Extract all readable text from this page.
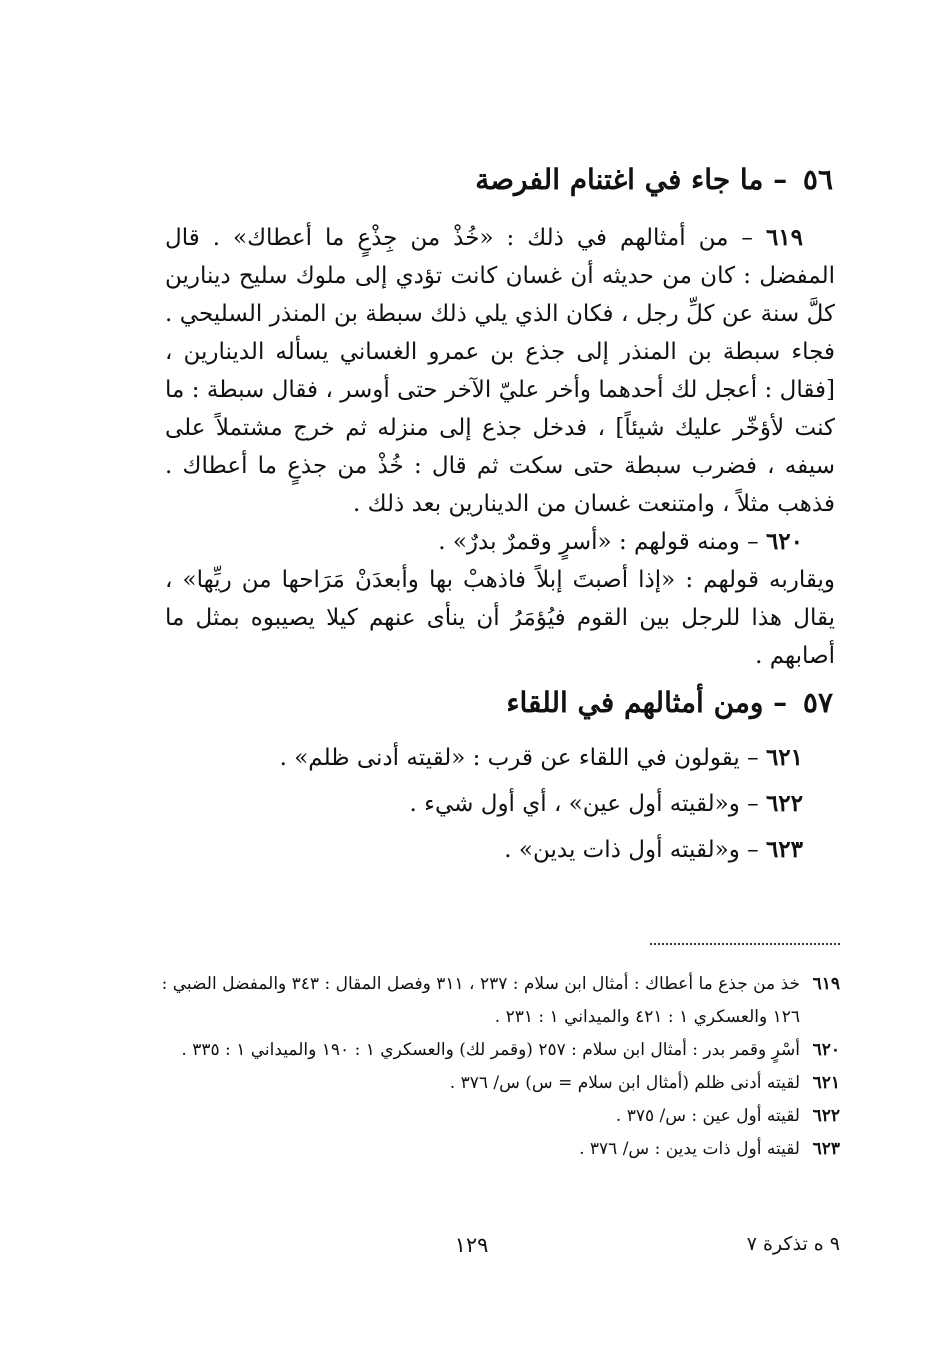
٥٦ – ما جاء في اغتنام الفرصة

٦١٩ – من أمثالهم في ذلك : «خُذْ من جِذْعٍ ما أعطاك» . قال المفضل : كان من حديثه أن غسان كانت تؤدي إلى ملوك سليح دينارين كلَّ سنة عن كلِّ رجل ، فكان الذي يلي ذلك سبطة بن المنذر السليحي . فجاء سبطة بن المنذر إلى جذع بن عمرو الغساني يسأله الدينارين ، [فقال : أعجل لك أحدهما وأخر عليّ الآخر حتى أوسر ، فقال سبطة : ما كنت لأؤخّر عليك شيئاً] ، فدخل جذع إلى منزله ثم خرج مشتملاً على سيفه ، فضرب سبطة حتى سكت ثم قال : خُذْ من جذعٍ ما أعطاك . فذهب مثلاً ، وامتنعت غسان من الدينارين بعد ذلك .

٦٢٠ – ومنه قولهم : «أسرٍ وقمرٌ بدرٌ» .

ويقاربه قولهم : «إذا أصبتَ إبلاً فاذهبْ بها وأبعدَنْ مَرَاحها من ريِّها» ، يقال هذا للرجل بين القوم فيُؤمَرُ أن ينأى عنهم كيلا يصيبوه بمثل ما أصابهم .

٥٧ – ومن أمثالهم في اللقاء
٦٢١ – يقولون في اللقاء عن قرب : «لقيته أدنى ظلم» .
٦٢٢ – و«لقيته أول عين» ، أي أول شيء .
٦٢٣ – و«لقيته أول ذات يدين» .
٦١٩
خذ من جذع ما أعطاك : أمثال ابن سلام : ٢٣٧ ، ٣١١ وفصل المقال : ٣٤٣ والمفضل الضبي : ١٢٦ والعسكري ١ : ٤٢١ والميداني ١ : ٢٣١ .
٦٢٠
أسْرٍ وقمر بدر : أمثال ابن سلام : ٢٥٧ (وقمر لك) والعسكري ١ : ١٩٠ والميداني ١ : ٣٣٥ .
٦٢١
لقيته أدنى ظلم (أمثال ابن سلام = س) س/ ٣٧٦ .
٦٢٢
لقيته أول عين : س/ ٣٧٥ .
٦٢٣
لقيته أول ذات يدين : س/ ٣٧٦ .
١٢٩	٩ ه تذكرة ٧
